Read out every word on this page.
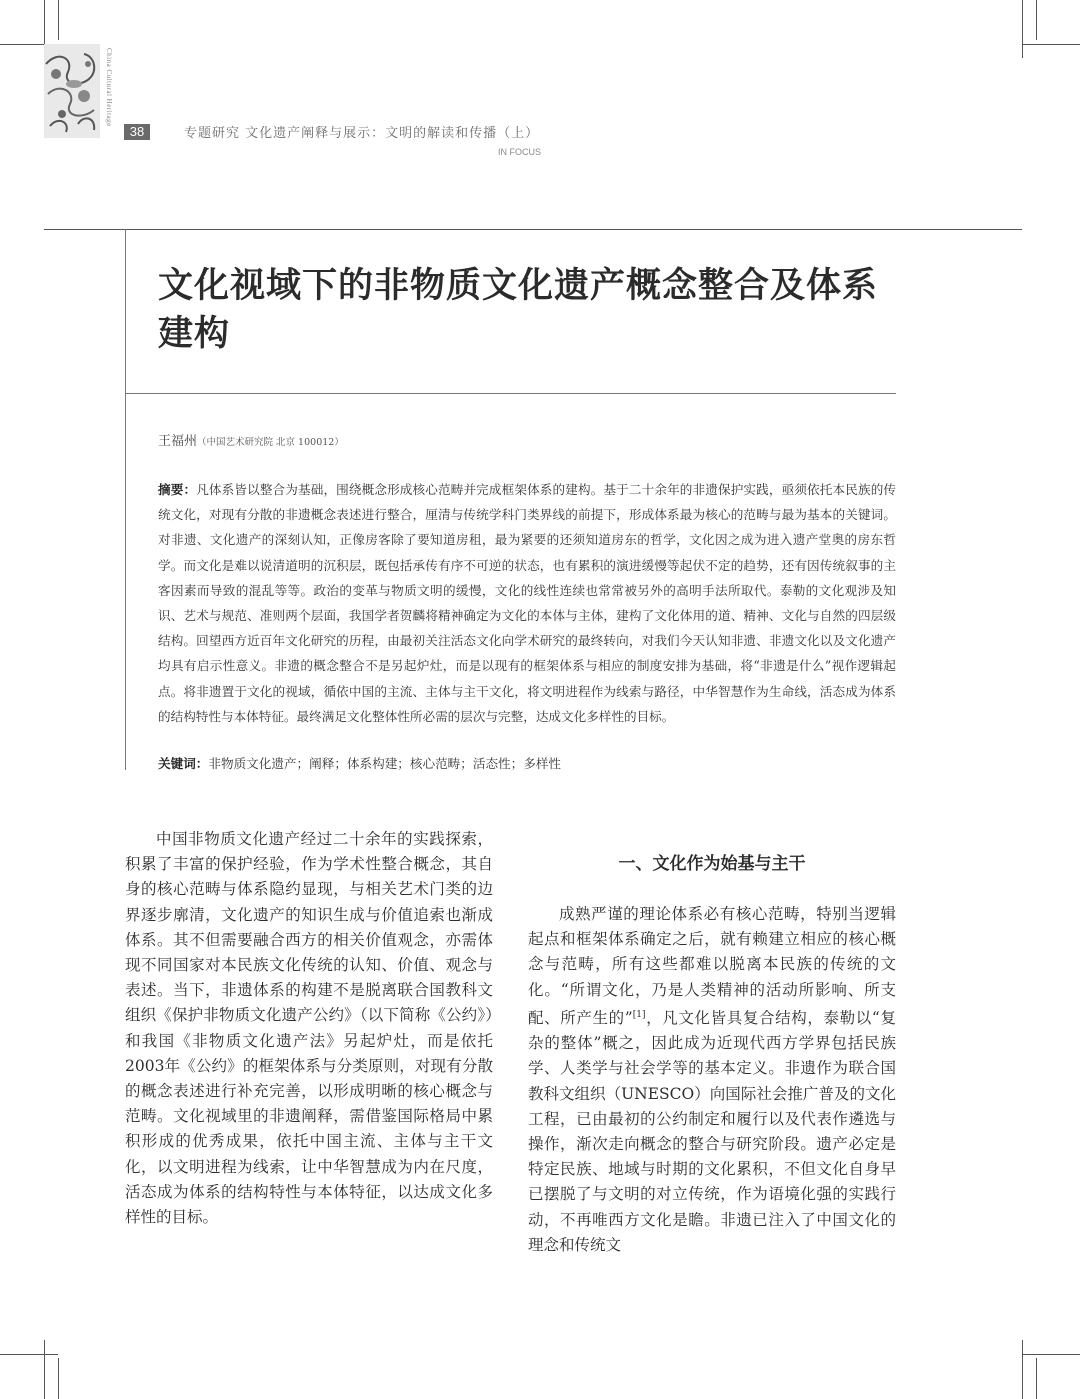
China Cultural Heritage
38	专题研究 文化遗产阐释与展示：文明的解读和传播（上）
IN FOCUS
文化视域下的非物质文化遗产概念整合及体系建构
王福州（中国艺术研究院 北京 100012）
摘要：凡体系皆以整合为基础，围绕概念形成核心范畴并完成框架体系的建构。基于二十余年的非遗保护实践，亟须依托本民族的传统文化，对现有分散的非遗概念表述进行整合，厘清与传统学科门类界线的前提下，形成体系最为核心的范畴与最为基本的关键词。对非遗、文化遗产的深刻认知，正像房客除了要知道房租，最为紧要的还须知道房东的哲学，文化因之成为进入遗产堂奥的房东哲学。而文化是难以说清道明的沉积层，既包括承传有序不可逆的状态，也有累积的演进缓慢等起伏不定的趋势，还有因传统叙事的主客因素而导致的混乱等等。政治的变革与物质文明的缓慢，文化的线性连续也常常被另外的高明手法所取代。泰勒的文化观涉及知识、艺术与规范、准则两个层面，我国学者贺麟将精神确定为文化的本体与主体，建构了文化体用的道、精神、文化与自然的四层级结构。回望西方近百年文化研究的历程，由最初关注活态文化向学术研究的最终转向，对我们今天认知非遗、非遗文化以及文化遗产均具有启示性意义。非遗的概念整合不是另起炉灶，而是以现有的框架体系与相应的制度安排为基础，将“非遗是什么”视作逻辑起点。将非遗置于文化的视域，循依中国的主流、主体与主干文化，将文明进程作为线索与路径，中华智慧作为生命线，活态成为体系的结构特性与本体特征。最终满足文化整体性所必需的层次与完整，达成文化多样性的目标。
关键词：非物质文化遗产；阐释；体系构建；核心范畴；活态性；多样性

中国非物质文化遗产经过二十余年的实践探索，积累了丰富的保护经验，作为学术性整合概念，其自身的核心范畴与体系隐约显现，与相关艺术门类的边界逐步廓清，文化遗产的知识生成与价值追索也渐成体系。其不但需要融合西方的相关价值观念，亦需体现不同国家对本民族文化传统的认知、价值、观念与表述。当下，非遗体系的构建不是脱离联合国教科文组织《保护非物质文化遗产公约》（以下简称《公约》）和我国《非物质文化遗产法》另起炉灶，而是依托2003年《公约》的框架体系与分类原则，对现有分散的概念表述进行补充完善，以形成明晰的核心概念与范畴。文化视域里的非遗阐释，需借鉴国际格局中累积形成的优秀成果，依托中国主流、主体与主干文化，以文明进程为线索，让中华智慧成为内在尺度，活态成为体系的结构特性与本体特征，以达成文化多样性的目标。

一、文化作为始基与主干

成熟严谨的理论体系必有核心范畴，特别当逻辑起点和框架体系确定之后，就有赖建立相应的核心概念与范畴，所有这些都难以脱离本民族的传统的文化。“所谓文化，乃是人类精神的活动所影响、所支配、所产生的”[1]，凡文化皆具复合结构，泰勒以“复杂的整体”概之，因此成为近现代西方学界包括民族学、人类学与社会学等的基本定义。非遗作为联合国教科文组织（UNESCO）向国际社会推广普及的文化工程，已由最初的公约制定和履行以及代表作遴选与操作，渐次走向概念的整合与研究阶段。遗产必定是特定民族、地域与时期的文化累积，不但文化自身早已摆脱了与文明的对立传统，作为语境化强的实践行动，不再唯西方文化是瞻。非遗已注入了中国文化的理念和传统文
